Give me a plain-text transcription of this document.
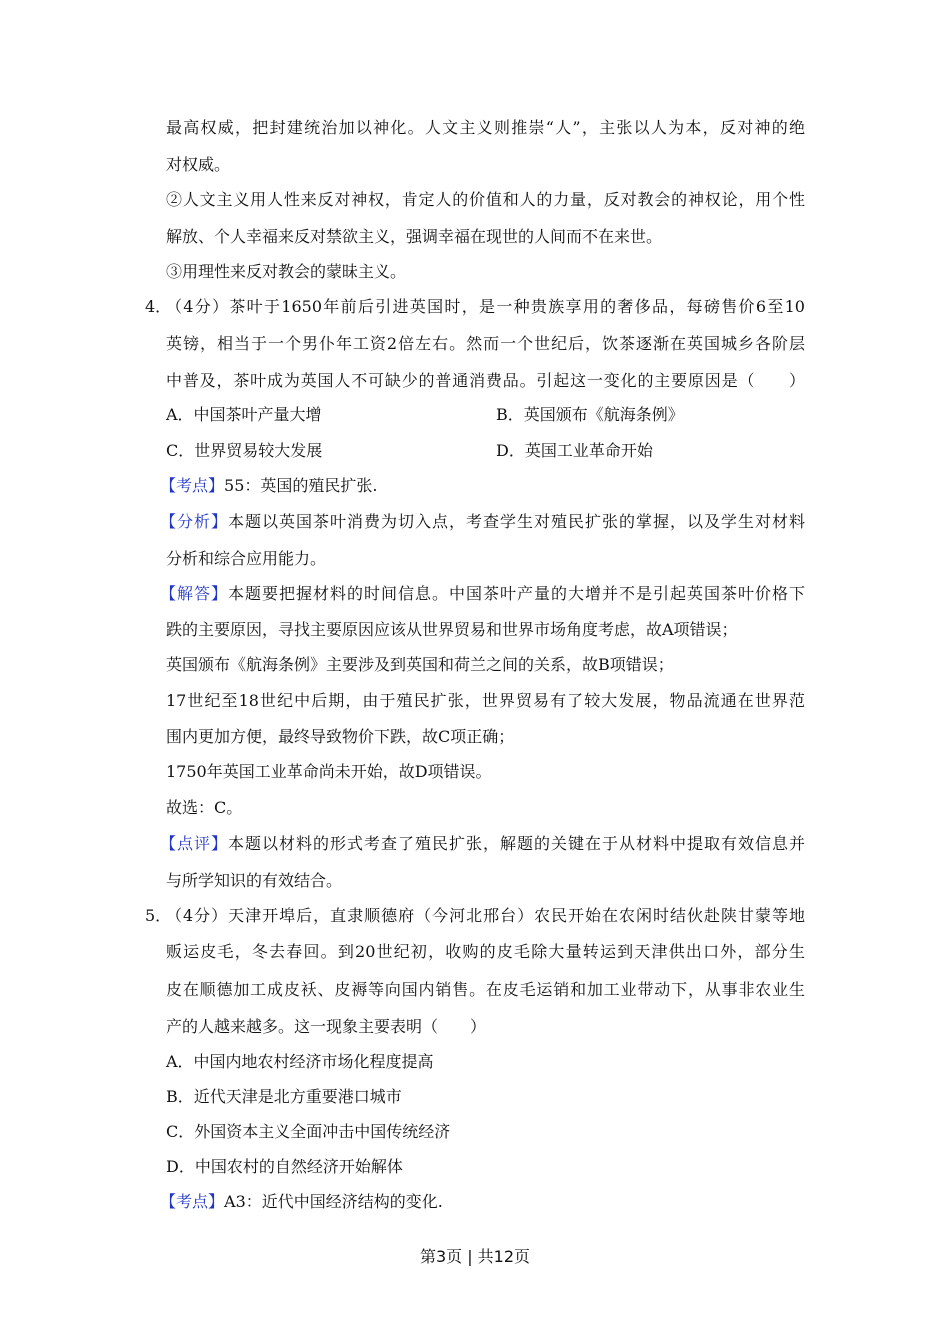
最高权威，把封建统治加以神化。人文主义则推崇“人”，主张以人为本，反对神的绝
对权威。
②人文主义用人性来反对神权，肯定人的价值和人的力量，反对教会的神权论，用个性
解放、个人幸福来反对禁欲主义，强调幸福在现世的人间而不在来世。
③用理性来反对教会的蒙昧主义。
4．
（4分）茶叶于1650年前后引进英国时，是一种贵族享用的奢侈品，每磅售价6至10
英镑，相当于一个男仆年工资2倍左右。然而一个世纪后，饮茶逐渐在英国城乡各阶层
中普及，茶叶成为英国人不可缺少的普通消费品。引起这一变化的主要原因是（　　）
A．中国茶叶产量大增	B．英国颁布《航海条例》
C．世界贸易较大发展	D．英国工业革命开始
【考点】55：英国的殖民扩张.
【分析】本题以英国茶叶消费为切入点，考查学生对殖民扩张的掌握，以及学生对材料
分析和综合应用能力。
【解答】本题要把握材料的时间信息。中国茶叶产量的大增并不是引起英国茶叶价格下
跌的主要原因，寻找主要原因应该从世界贸易和世界市场角度考虑，故A项错误；
英国颁布《航海条例》主要涉及到英国和荷兰之间的关系，故B项错误；
17世纪至18世纪中后期，由于殖民扩张，世界贸易有了较大发展，物品流通在世界范
围内更加方便，最终导致物价下跌，故C项正确；
1750年英国工业革命尚未开始，故D项错误。
故选：C。
【点评】本题以材料的形式考查了殖民扩张，解题的关键在于从材料中提取有效信息并
与所学知识的有效结合。
5．
（4分）天津开埠后，直隶顺德府（今河北邢台）农民开始在农闲时结伙赴陕甘蒙等地
贩运皮毛，冬去春回。到20世纪初，收购的皮毛除大量转运到天津供出口外，部分生
皮在顺德加工成皮袄、皮褥等向国内销售。在皮毛运销和加工业带动下，从事非农业生
产的人越来越多。这一现象主要表明（　　）
A．中国内地农村经济市场化程度提高
B．近代天津是北方重要港口城市
C．外国资本主义全面冲击中国传统经济
D．中国农村的自然经济开始解体
【考点】A3：近代中国经济结构的变化.
第3页 | 共12页
